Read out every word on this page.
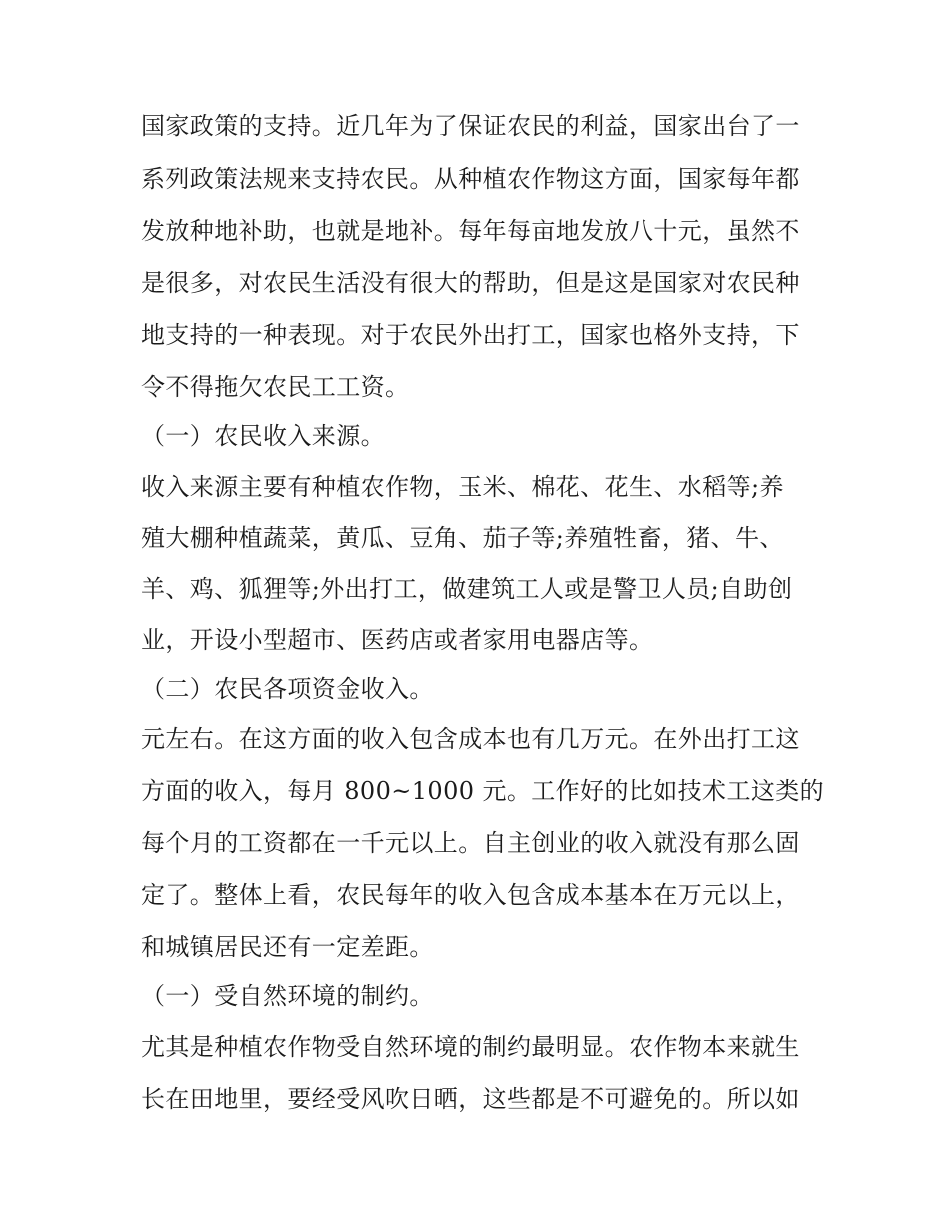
国家政策的支持。近几年为了保证农民的利益，国家出台了一
系列政策法规来支持农民。从种植农作物这方面，国家每年都
发放种地补助，也就是地补。每年每亩地发放八十元，虽然不
是很多，对农民生活没有很大的帮助，但是这是国家对农民种
地支持的一种表现。对于农民外出打工，国家也格外支持，下
令不得拖欠农民工工资。
（一）农民收入来源。
收入来源主要有种植农作物，玉米、棉花、花生、水稻等;养
殖大棚种植蔬菜，黄瓜、豆角、茄子等;养殖牲畜，猪、牛、
羊、鸡、狐狸等;外出打工，做建筑工人或是警卫人员;自助创
业，开设小型超市、医药店或者家用电器店等。
（二）农民各项资金收入。
元左右。在这方面的收入包含成本也有几万元。在外出打工这
方面的收入，每月 800~1000 元。工作好的比如技术工这类的
每个月的工资都在一千元以上。自主创业的收入就没有那么固
定了。整体上看，农民每年的收入包含成本基本在万元以上，
和城镇居民还有一定差距。
（一）受自然环境的制约。
尤其是种植农作物受自然环境的制约最明显。农作物本来就生
长在田地里，要经受风吹日晒，这些都是不可避免的。所以如
